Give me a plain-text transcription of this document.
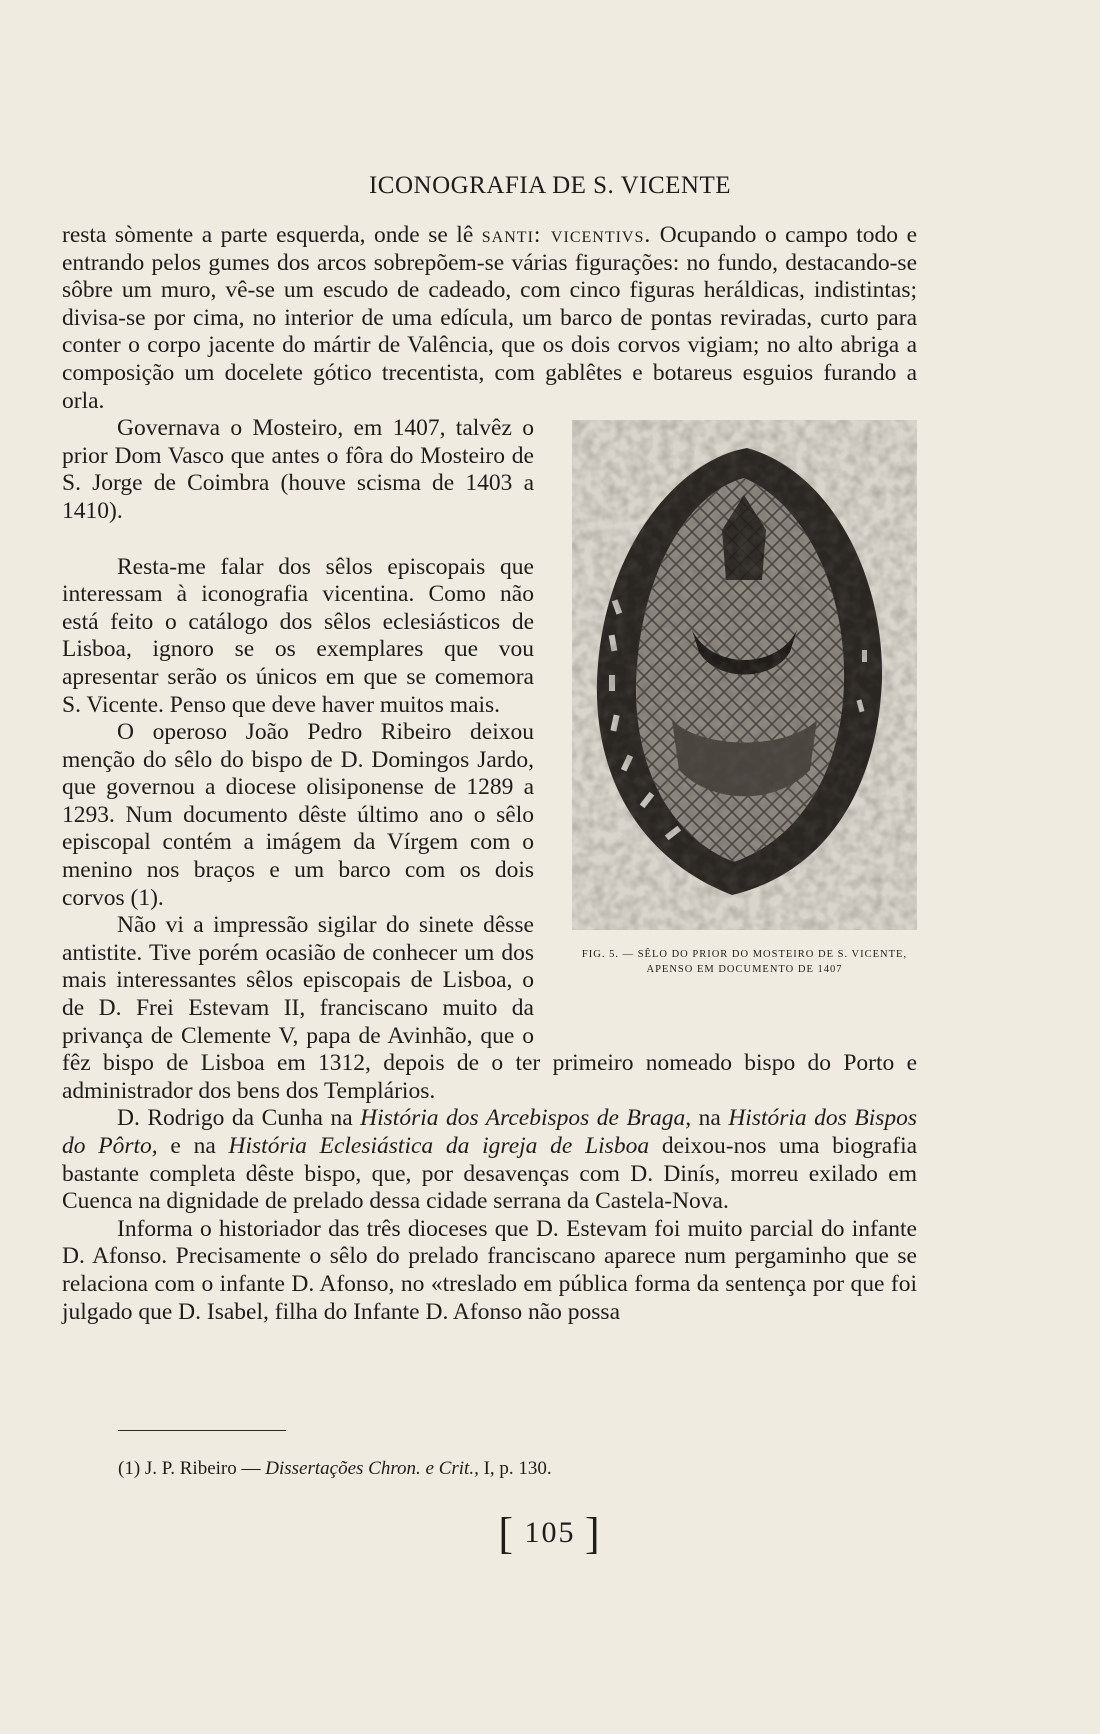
ICONOGRAFIA DE S. VICENTE

resta sòmente a parte esquerda, onde se lê santi: vicentivs. Ocupando o campo todo e entrando pelos gumes dos arcos sobrepõem-se várias figurações: no fundo, destacando-se sôbre um muro, vê-se um escudo de cadeado, com cinco figuras heráldicas, indistintas; divisa-se por cima, no interior de uma edícula, um barco de pontas reviradas, curto para conter o corpo jacente do mártir de Valência, que os dois corvos vigiam; no alto abriga a composição um docelete gótico trecentista, com gablêtes e botareus esguios furando a orla.

FIG. 5. — SÊLO DO PRIOR DO MOSTEIRO DE S. VICENTE,
APENSO EM DOCUMENTO DE 1407

Governava o Mosteiro, em 1407, talvêz o prior Dom Vasco que antes o fôra do Mosteiro de S. Jorge de Coimbra (houve scisma de 1403 a 1410).

Resta-me falar dos sêlos episcopais que interessam à iconografia vicentina. Como não está feito o catálogo dos sêlos eclesiásticos de Lisboa, ignoro se os exemplares que vou apresentar serão os únicos em que se comemora S. Vicente. Penso que deve haver muitos mais.

O operoso João Pedro Ribeiro deixou menção do sêlo do bispo de D. Domingos Jardo, que governou a diocese olisiponense de 1289 a 1293. Num documento dêste último ano o sêlo episcopal contém a imágem da Vírgem com o menino nos braços e um barco com os dois corvos (1).

Não vi a impressão sigilar do sinete dêsse antistite. Tive porém ocasião de conhecer um dos mais interessantes sêlos episcopais de Lisboa, o de D. Frei Estevam II, franciscano muito da privança de Clemente V, papa de Avinhão, que o fêz bispo de Lisboa em 1312, depois de o ter primeiro nomeado bispo do Porto e administrador dos bens dos Templários.

D. Rodrigo da Cunha na História dos Arcebispos de Braga, na História dos Bispos do Pôrto, e na História Eclesiástica da igreja de Lisboa deixou-nos uma biografia bastante completa dêste bispo, que, por desavenças com D. Dinís, morreu exilado em Cuenca na dignidade de prelado dessa cidade serrana da Castela-Nova.

Informa o historiador das três dioceses que D. Estevam foi muito parcial do infante D. Afonso. Precisamente o sêlo do prelado franciscano aparece num pergaminho que se relaciona com o infante D. Afonso, no «treslado em pública forma da sentença por que foi julgado que D. Isabel, filha do Infante D. Afonso não possa

(1) J. P. Ribeiro — Dissertações Chron. e Crit., I, p. 130.
[ 105 ]
